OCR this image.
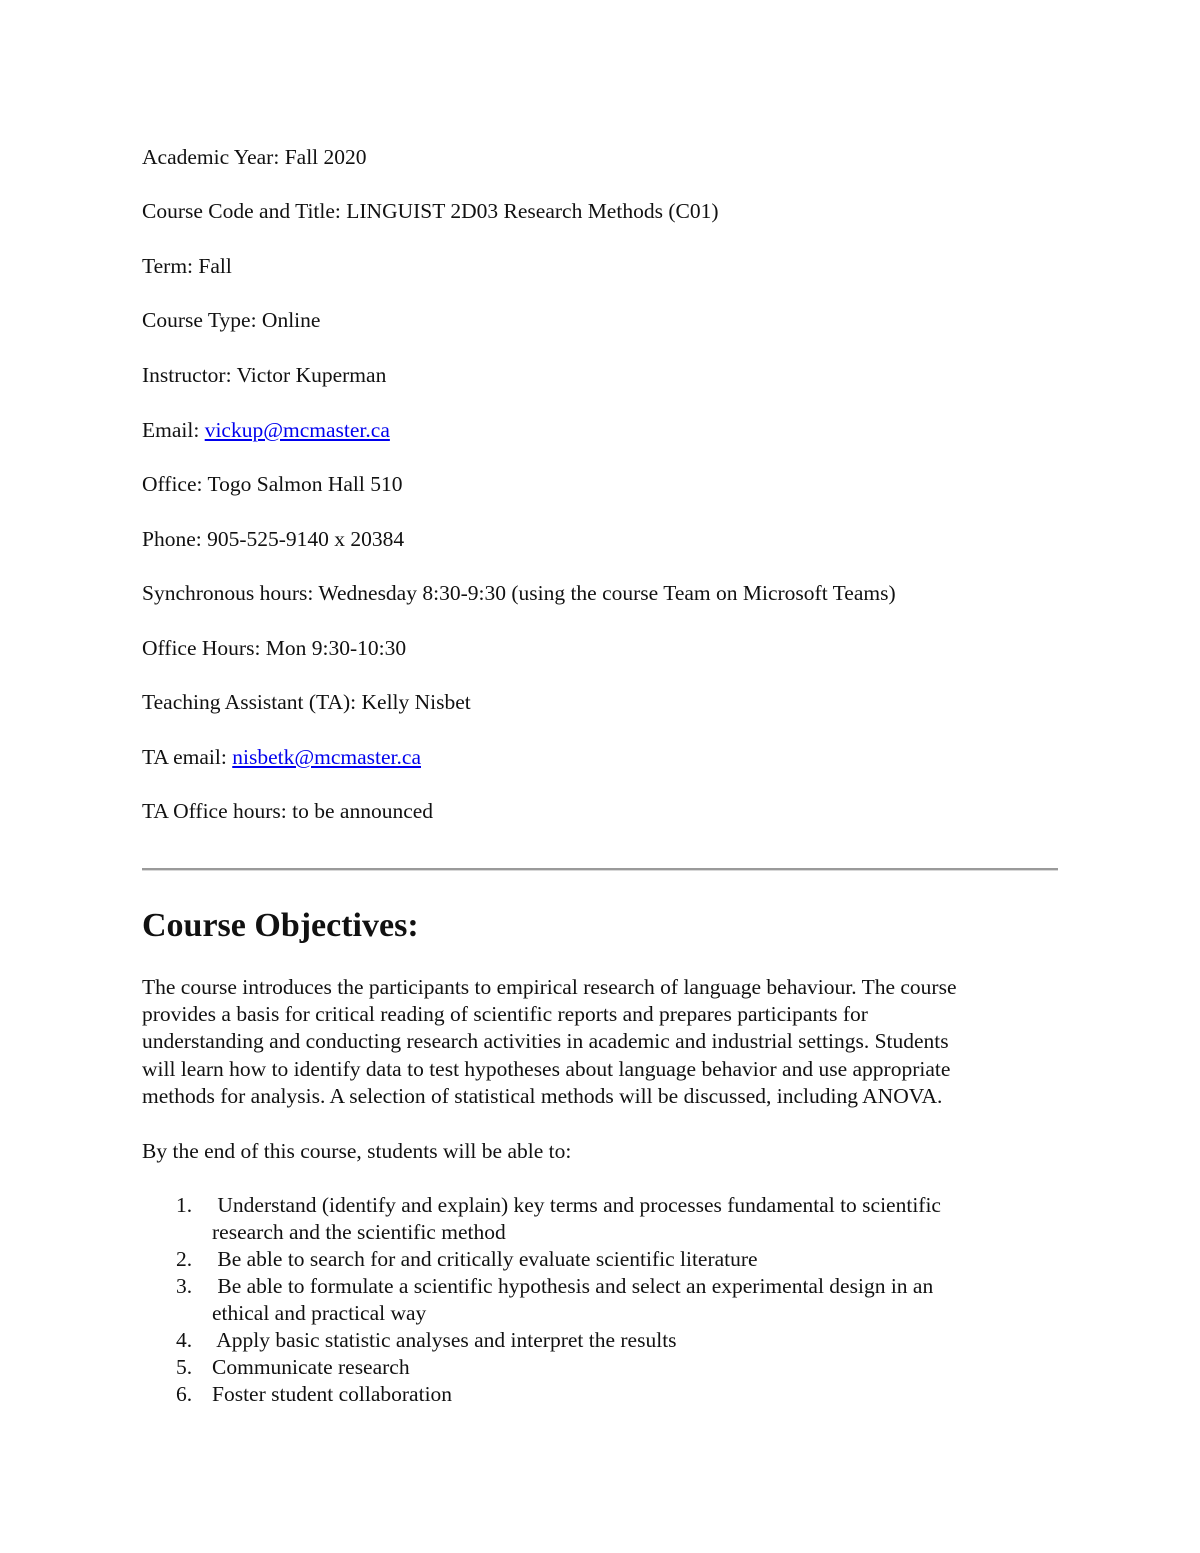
Academic Year: Fall 2020
Course Code and Title: LINGUIST 2D03 Research Methods (C01)
Term: Fall
Course Type: Online
Instructor: Victor Kuperman
Email: vickup@mcmaster.ca
Office: Togo Salmon Hall 510
Phone: 905-525-9140 x 20384
Synchronous hours: Wednesday 8:30-9:30 (using the course Team on Microsoft Teams)
Office Hours: Mon 9:30-10:30
Teaching Assistant (TA): Kelly Nisbet
TA email: nisbetk@mcmaster.ca
TA Office hours: to be announced
Course Objectives:

The course introduces the participants to empirical research of language behaviour. The course
provides a basis for critical reading of scientific reports and prepares participants for
understanding and conducting research activities in academic and industrial settings. Students
will learn how to identify data to test hypotheses about language behavior and use appropriate
methods for analysis. A selection of statistical methods will be discussed, including ANOVA.

By the end of this course, students will be able to:
1. Understand (identify and explain) key terms and processes fundamental to scientific
research and the scientific method
2. Be able to search for and critically evaluate scientific literature
3. Be able to formulate a scientific hypothesis and select an experimental design in an
ethical and practical way
4. Apply basic statistic analyses and interpret the results
5. Communicate research
6. Foster student collaboration
